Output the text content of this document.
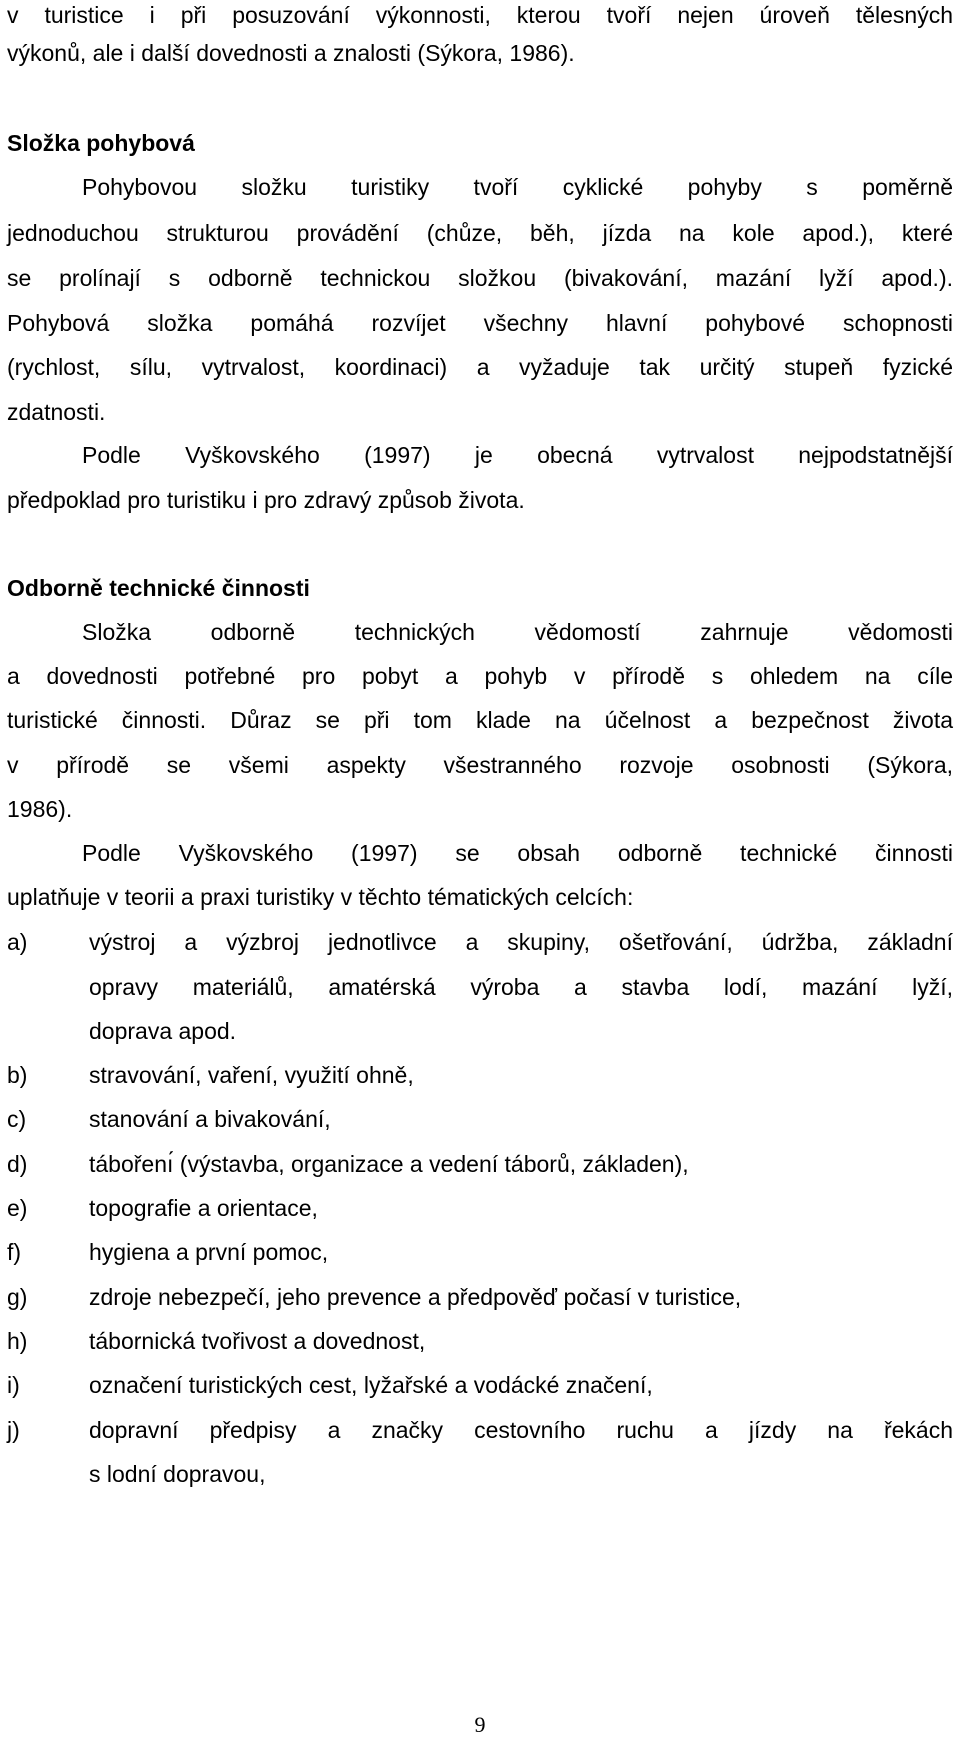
v turistice i při posuzování výkonnosti, kterou tvoří nejen úroveň tělesných
výkonů, ale i další dovednosti a znalosti (Sýkora, 1986).
Složka pohybová
Pohybovou složku turistiky tvoří cyklické pohyby s poměrně
jednoduchou strukturou provádění (chůze, běh, jízda na kole apod.), které
se prolínají s odborně technickou složkou (bivakování, mazání lyží apod.).
Pohybová složka pomáhá rozvíjet všechny hlavní pohybové schopnosti
(rychlost, sílu, vytrvalost, koordinaci) a vyžaduje tak určitý stupeň fyzické
zdatnosti.
Podle Vyškovského (1997) je obecná vytrvalost nejpodstatnější
předpoklad pro turistiku i pro zdravý způsob života.
Odborně technické činnosti
Složka odborně technických vědomostí zahrnuje vědomosti
a dovednosti potřebné pro pobyt a pohyb v přírodě s ohledem na cíle
turistické činnosti. Důraz se při tom klade na účelnost a bezpečnost života
v přírodě se všemi aspekty všestranného rozvoje osobnosti (Sýkora,
1986).
Podle Vyškovského (1997) se obsah odborně technické činnosti
uplatňuje v teorii a praxi turistiky v těchto tématických celcích:
a)	výstroj a výzbroj jednotlivce a skupiny, ošetřování, údržba, základní
opravy materiálů, amatérská výroba a stavba lodí, mazání lyží,
doprava apod.
b)	stravování, vaření, využití ohně,
c)	stanování a bivakování,
d)	tábořenı́ (výstavba, organizace a vedení táborů, základen),
e)	topografie a orientace,
f)	hygiena a první pomoc,
g)	zdroje nebezpečí, jeho prevence a předpověď počasí v turistice,
h)	tábornická tvořivost a dovednost,
i)	označení turistických cest, lyžařské a vodácké značení,
j)	dopravní předpisy a značky cestovního ruchu a jízdy na řekách
s lodní dopravou,
9
